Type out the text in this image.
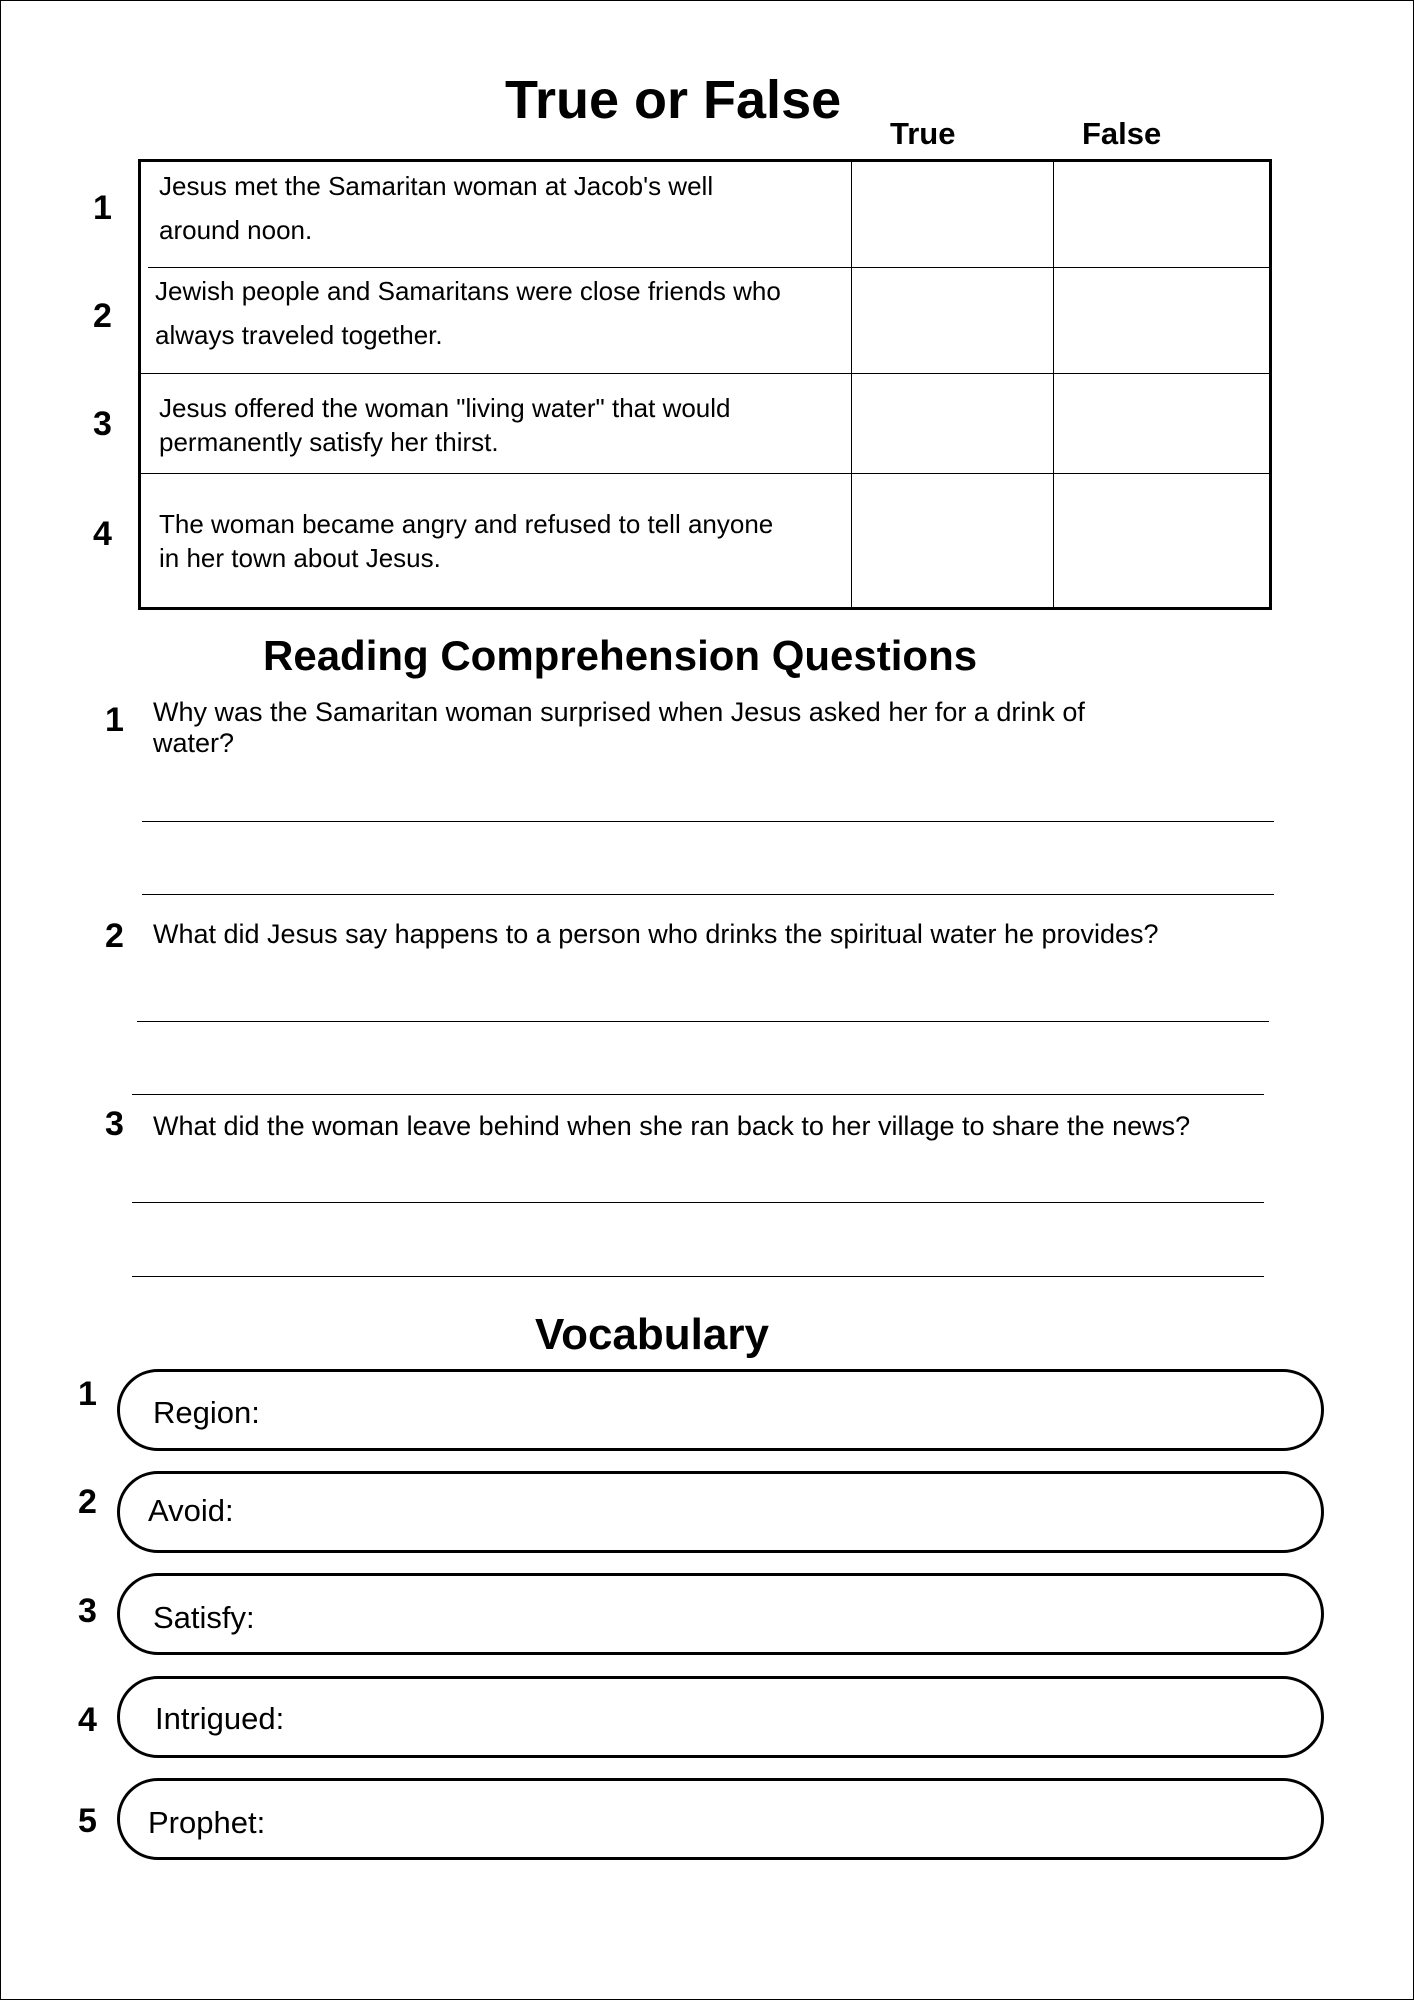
True or False
True	False
1
2
3
4
Jesus met the Samaritan woman at Jacob's well around noon.
Jewish people and Samaritans were close friends who always traveled together.
Jesus offered the woman "living water" that would permanently satisfy her thirst.
The woman became angry and refused to tell anyone in her town about Jesus.
Reading Comprehension Questions
1 Why was the Samaritan woman surprised when Jesus asked her for a drink of water?
2 What did Jesus say happens to a person who drinks the spiritual water he provides?
3 What did the woman leave behind when she ran back to her village to share the news?
Vocabulary
1 Region:
2 Avoid:
3 Satisfy:
4 Intrigued:
5 Prophet:
